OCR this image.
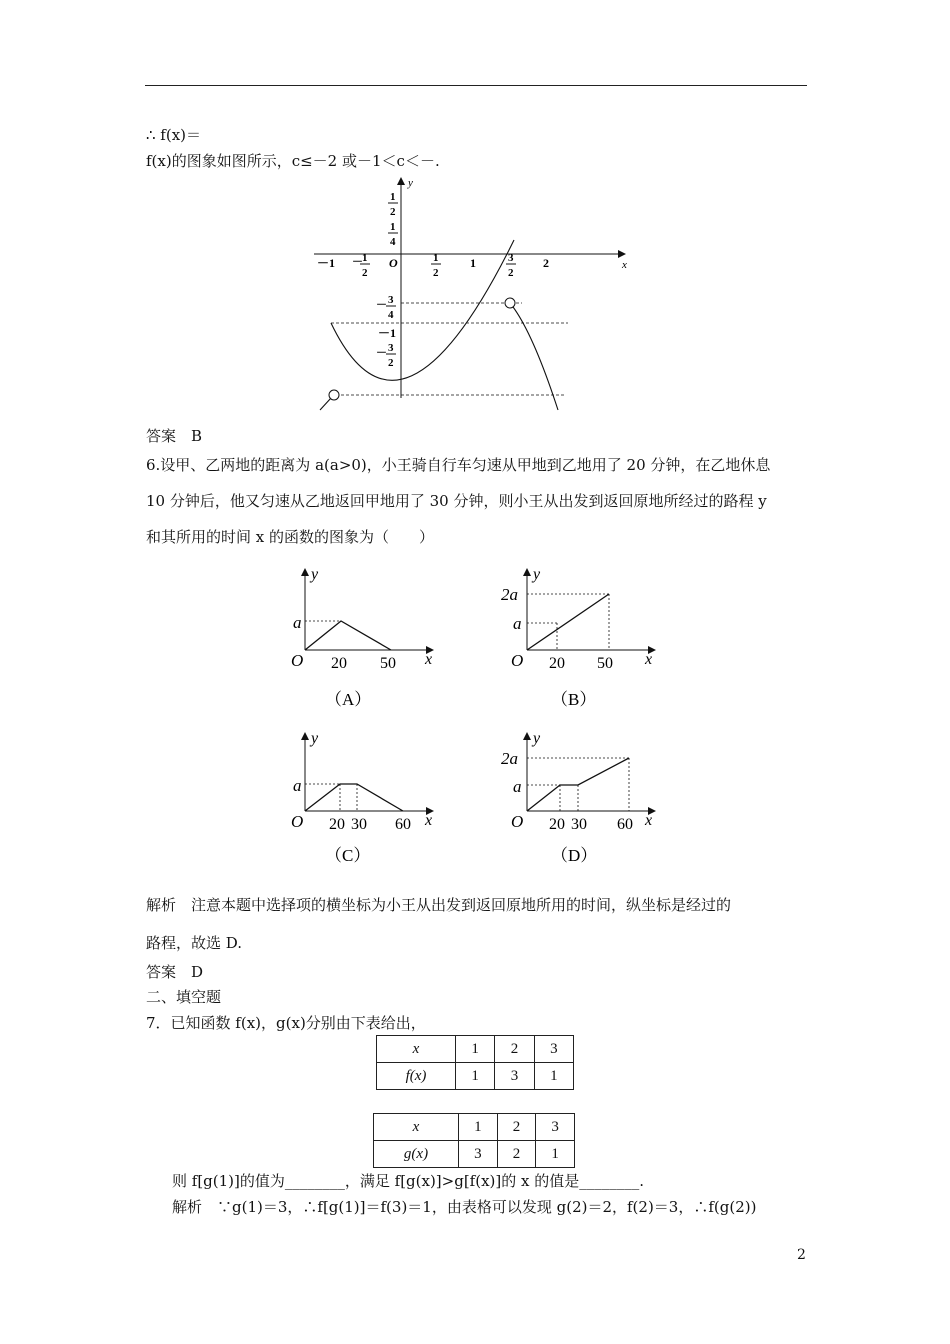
∴ f(x)＝
f(x)的图象如图所示，c≤－2 或－1＜c＜－.
x
y
O
－1 － 1
2
1
2
1	3
2
2
1
2
1
4
－ 3
4
－1
－ 3
2
答案　B
6.设甲、乙两地的距离为 a(a>0)，小王骑自行车匀速从甲地到乙地用了 20 分钟，在乙地休息
10 分钟后，他又匀速从乙地返回甲地用了 30 分钟，则小王从出发到返回原地所经过的路程 y
和其所用的时间 x 的函数的图象为（　　）
y
x
O
a
20 50
（A）
y
x
O
2a
a
20 50
（B）
y
x
O
a
20 30 60
（C）
y
x
O
2a
a
20 30 60
（D）
解析　注意本题中选择项的横坐标为小王从出发到返回原地所用的时间，纵坐标是经过的
路程，故选 D.
答案　D
二、填空题
7．已知函数 f(x)，g(x)分别由下表给出，
x	1	2	3
f(x)	1	3	1
x	1	2	3
g(x)	3	2	1
则 f[g(1)]的值为________，满足 f[g(x)]>g[f(x)]的 x 的值是________.
解析　∵g(1)＝3，∴f[g(1)]＝f(3)＝1，由表格可以发现 g(2)＝2，f(2)＝3，∴f(g(2))
2
